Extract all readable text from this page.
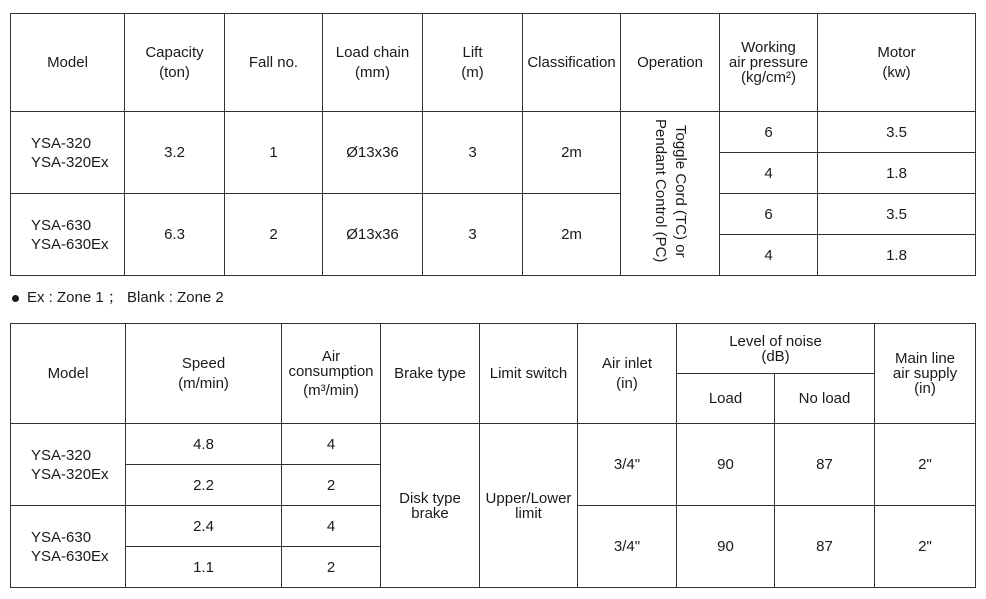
Model	Capacity
(ton)	Fall no.	Load chain
(mm)	Lift
(m)	Classification	Operation	Working
air pressure
(kg/cm²)	Motor
(kw)

YSA-320
YSA-320Ex	3.2	1	Ø13x36	3	2m	Toggle Cord (TC) or
Pendant Control (PC)	6	3.5
							4	1.8

YSA-630
YSA-630Ex	6.3	2	Ø13x36	3	2m		6	3.5
							4	1.8
Ex : Zone 1 ； Blank : Zone 2
Model	Speed
(m/min)	Air
consumption
(m³/min)	Brake type	Limit switch	Air inlet
(in)	Level of noise
(dB)		Main line
air supply
(in)

						Load	No load	

YSA-320
YSA-320Ex	4.8	4	Disk type
brake	Upper/Lower
limit	3/4"	90	87	2"
	2.2	2						

YSA-630
YSA-630Ex	2.4	4			3/4"	90	87	2"
	1.1	2						
